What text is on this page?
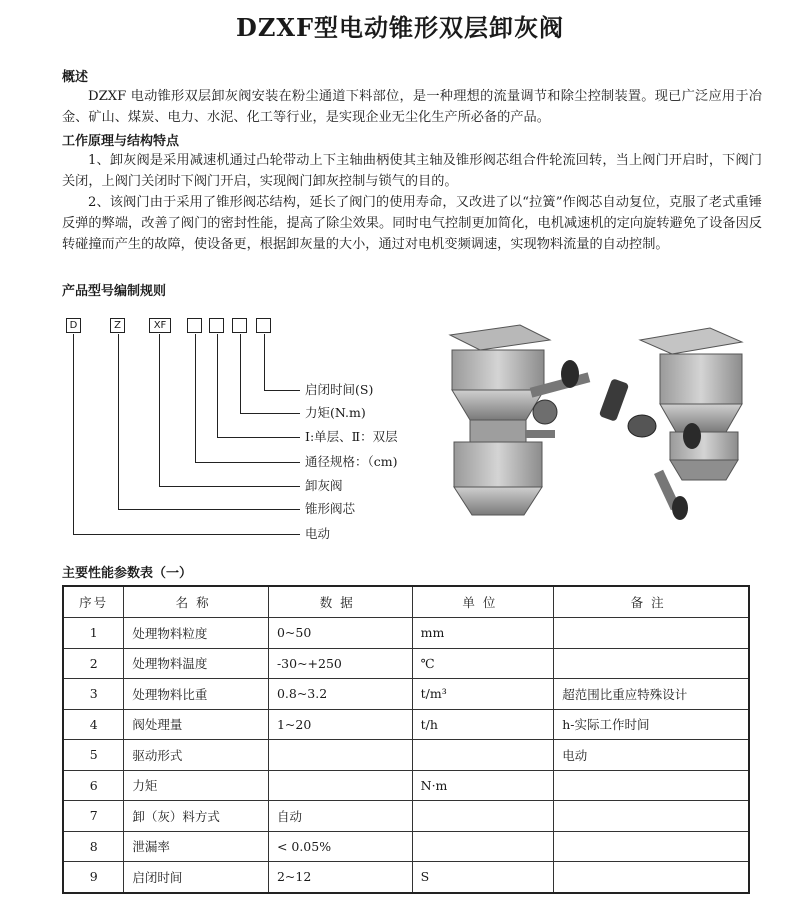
DZXF型电动锥形双层卸灰阀
概述
DZXF 电动锥形双层卸灰阀安装在粉尘通道下料部位，是一种理想的流量调节和除尘控制装置。现已广泛应用于冶金、矿山、煤炭、电力、水泥、化工等行业，是实现企业无尘化生产所必备的产品。
工作原理与结构特点
1、卸灰阀是采用减速机通过凸轮带动上下主轴曲柄使其主轴及锥形阀芯组合件轮流回转，当上阀门开启时，下阀门关闭，上阀门关闭时下阀门开启，实现阀门卸灰控制与锁气的目的。
2、该阀门由于采用了锥形阀芯结构，延长了阀门的使用寿命，又改进了以“拉簧”作阀芯自动复位，克服了老式重锤反弹的弊端，改善了阀门的密封性能，提高了除尘效果。同时电气控制更加简化，电机减速机的定向旋转避免了设备因反转碰撞而产生的故障，使设备更，根据卸灰量的大小，通过对电机变频调速，实现物料流量的自动控制。
产品型号编制规则
D	Z	XF
启闭时间(S)
力矩(N.m)
Ⅰ:单层、Ⅱ：双层
通径规格：（cm)
卸灰阀
锥形阀芯
电动
主要性能参数表（一）
序号	名称	数据	单位	备注
1	处理物料粒度	0~50	mm	
2	处理物料温度	-30~+250	℃	
3	处理物料比重	0.8~3.2	t/m³	超范围比重应特殊设计
4	阀处理量	1~20	t/h	h-实际工作时间
5	驱动形式			电动
6	力矩		N·m	
7	卸（灰）料方式	自动		
8	泄漏率	< 0.05%		
9	启闭时间	2~12	S	
